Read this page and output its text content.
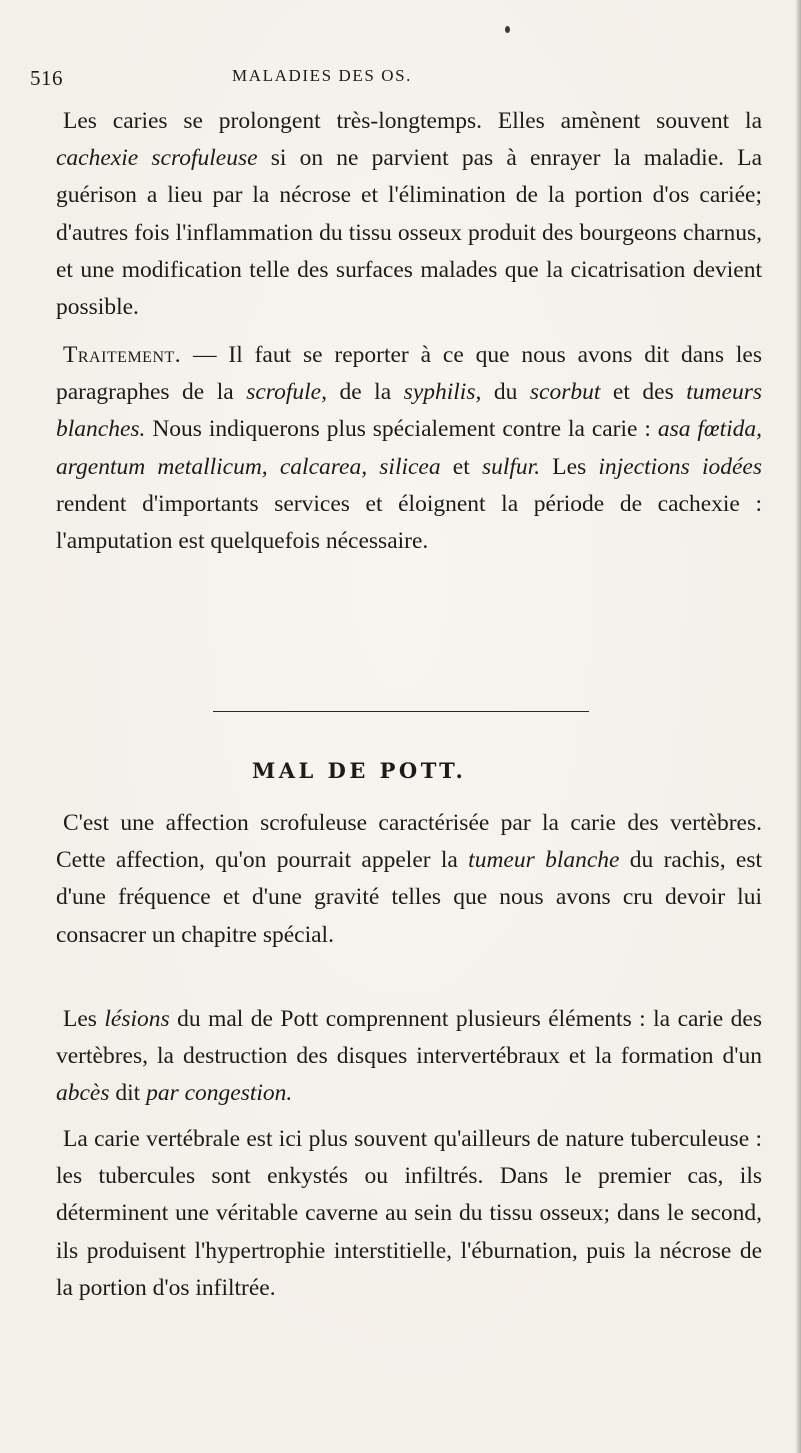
516	MALADIES DES OS.

Les caries se prolongent très-longtemps. Elles amènent souvent la cachexie scrofuleuse si on ne parvient pas à enrayer la maladie. La guérison a lieu par la nécrose et l'élimination de la portion d'os cariée; d'autres fois l'inflammation du tissu osseux produit des bourgeons charnus, et une modification telle des surfaces malades que la cicatrisation devient possible.

Traitement. — Il faut se reporter à ce que nous avons dit dans les paragraphes de la scrofule, de la syphilis, du scorbut et des tumeurs blanches. Nous indiquerons plus spécialement contre la carie : asa fœtida, argentum metallicum, calcarea, silicea et sulfur. Les injections iodées rendent d'importants services et éloignent la période de cachexie : l'amputation est quelquefois nécessaire.

MAL DE POTT.

C'est une affection scrofuleuse caractérisée par la carie des vertèbres. Cette affection, qu'on pourrait appeler la tumeur blanche du rachis, est d'une fréquence et d'une gravité telles que nous avons cru devoir lui consacrer un chapitre spécial.

Les lésions du mal de Pott comprennent plusieurs éléments : la carie des vertèbres, la destruction des disques intervertébraux et la formation d'un abcès dit par congestion.

La carie vertébrale est ici plus souvent qu'ailleurs de nature tuberculeuse : les tubercules sont enkystés ou infiltrés. Dans le premier cas, ils déterminent une véritable caverne au sein du tissu osseux; dans le second, ils produisent l'hypertrophie interstitielle, l'éburnation, puis la nécrose de la portion d'os infiltrée.
